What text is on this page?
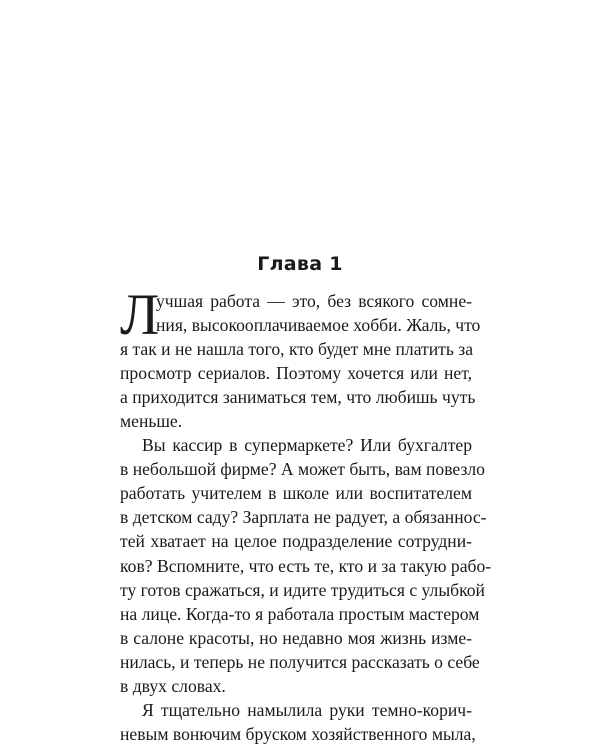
Глава 1
Л
учшая работа — это, без всякого сомне-
ния, высокооплачиваемое хобби. Жаль, что
я так и не нашла того, кто будет мне платить за
просмотр сериалов. Поэтому хочется или нет,
а приходится заниматься тем, что любишь чуть
меньше.
Вы кассир в супермаркете? Или бухгалтер
в небольшой фирме? А может быть, вам повезло
работать учителем в школе или воспитателем
в детском саду? Зарплата не радует, а обязаннос-
тей хватает на целое подразделение сотрудни-
ков? Вспомните, что есть те, кто и за такую рабо-
ту готов сражаться, и идите трудиться с улыбкой
на лице. Когда-то я работала простым мастером
в салоне красоты, но недавно моя жизнь изме-
нилась, и теперь не получится рассказать о себе
в двух словах.
Я тщательно намылила руки темно-корич-
невым вонючим бруском хозяйственного мыла,
